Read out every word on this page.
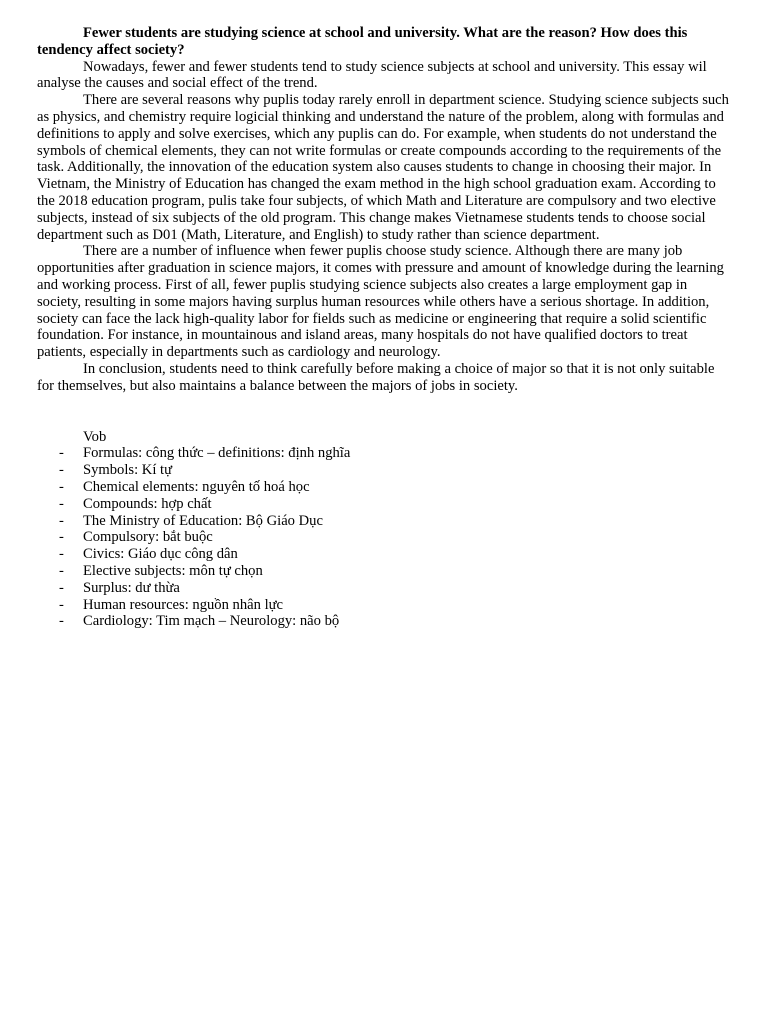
Fewer students are studying science at school and university. What are the reason? How does this tendency affect society?

Nowadays, fewer and fewer students tend to study science subjects at school and university. This essay wil analyse the causes and social effect of the trend.

There are several reasons why puplis today rarely enroll in department science. Studying science subjects such as physics, and chemistry require logicial thinking and understand the nature of the problem, along with formulas and definitions to apply and solve exercises, which any puplis can do. For example, when students do not understand the symbols of chemical elements, they can not write formulas or create compounds according to the requirements of the task. Additionally, the innovation of the education system also causes students to change in choosing their major. In Vietnam, the Ministry of Education has changed the exam method in the high school graduation exam. According to the 2018 education program, pulis take four subjects, of which Math and Literature are compulsory and two elective subjects, instead of six subjects of the old program. This change makes Vietnamese students tends to choose social department such as D01 (Math, Literature, and English) to study rather than science department.

There are a number of influence when fewer puplis choose study science. Although there are many job opportunities after graduation in science majors, it comes with pressure and amount of knowledge during the learning and working process. First of all, fewer puplis studying science subjects also creates a large employment gap in society, resulting in some majors having surplus human resources while others have a serious shortage. In addition, society can face the lack high-quality labor for fields such as medicine or engineering that require a solid scientific foundation. For instance, in mountainous and island areas, many hospitals do not have qualified doctors to treat patients, especially in departments such as cardiology and neurology.

In conclusion, students need to think carefully before making a choice of major so that it is not only suitable for themselves, but also maintains a balance between the majors of jobs in society.

Vob

- Formulas: công thức – definitions: định nghĩa
- Symbols: Kí tự
- Chemical elements: nguyên tố hoá học
- Compounds: hợp chất
- The Ministry of Education: Bộ Giáo Dục
- Compulsory: bắt buộc
- Civics: Giáo dục công dân
- Elective subjects: môn tự chọn
- Surplus: dư thừa
- Human resources: nguồn nhân lực
- Cardiology: Tim mạch – Neurology: não bộ
